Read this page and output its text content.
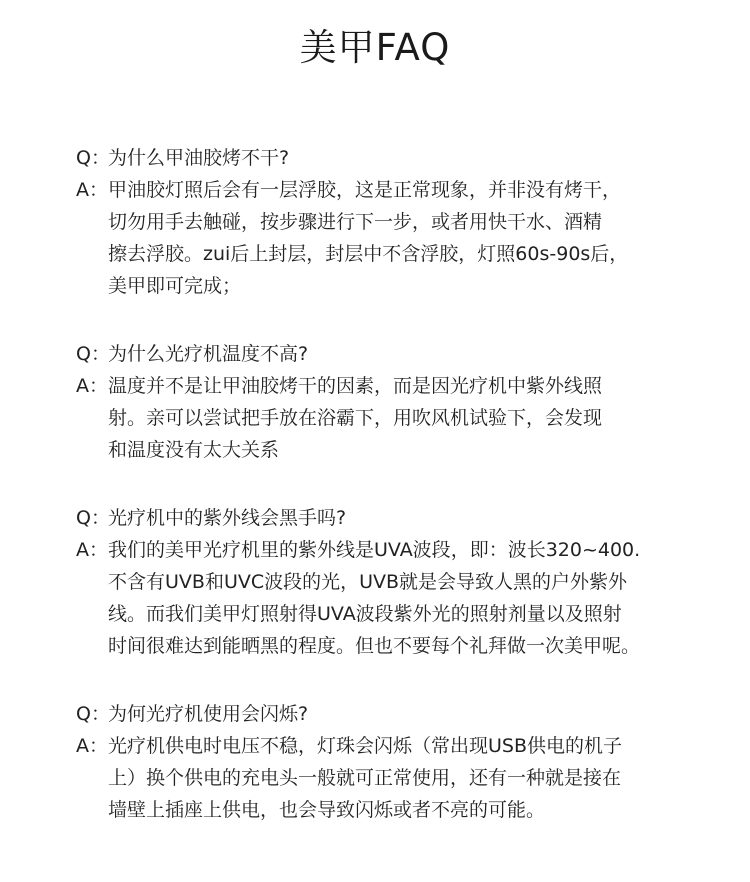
美甲FAQ
Q：
为什么甲油胶烤不干?
A： 甲油胶灯照后会有一层浮胶，这是正常现象，并非没有烤干，
切勿用手去触碰，按步骤进行下一步，或者用快干水、酒精
擦去浮胶。zui后上封层，封层中不含浮胶，灯照60s-90s后，
美甲即可完成；
Q：
为什么光疗机温度不高?
A： 温度并不是让甲油胶烤干的因素，而是因光疗机中紫外线照
射。亲可以尝试把手放在浴霸下，用吹风机试验下，会发现
和温度没有太大关系
Q：
光疗机中的紫外线会黑手吗?
A： 我们的美甲光疗机里的紫外线是UVA波段，即：波长320~400.
不含有UVB和UVC波段的光，UVB就是会导致人黑的户外紫外
线。而我们美甲灯照射得UVA波段紫外光的照射剂量以及照射
时间很难达到能晒黑的程度。但也不要每个礼拜做一次美甲呢。
Q：
为何光疗机使用会闪烁?
A： 光疗机供电时电压不稳，灯珠会闪烁（常出现USB供电的机子
上）换个供电的充电头一般就可正常使用，还有一种就是接在
墙壁上插座上供电，也会导致闪烁或者不亮的可能。
